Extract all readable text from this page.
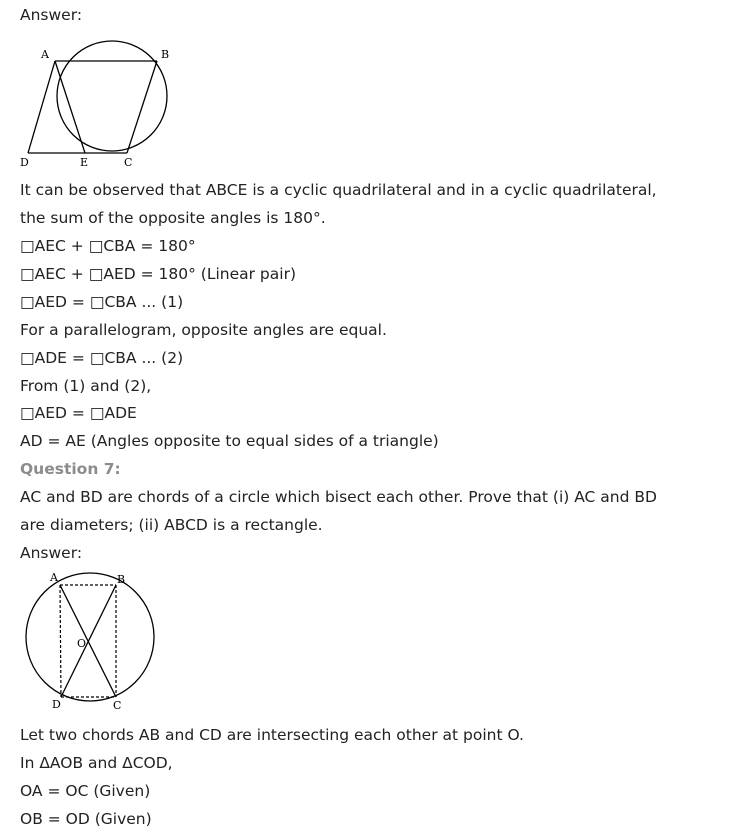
Answer:
A	B
D	E	C
It can be observed that ABCE is a cyclic quadrilateral and in a cyclic quadrilateral,
the sum of the opposite angles is 180°.
□AEC + □CBA = 180°
□AEC + □AED = 180° (Linear pair)
□AED = □CBA ... (1)
For a parallelogram, opposite angles are equal.
□ADE = □CBA ... (2)
From (1) and (2),
□AED = □ADE
AD = AE (Angles opposite to equal sides of a triangle)
Question 7:
AC and BD are chords of a circle which bisect each other. Prove that (i) AC and BD
are diameters; (ii) ABCD is a rectangle.
Answer:
A	B
O
D	C
Let two chords AB and CD are intersecting each other at point O.
In ΔAOB and ΔCOD,
OA = OC (Given)
OB = OD (Given)
